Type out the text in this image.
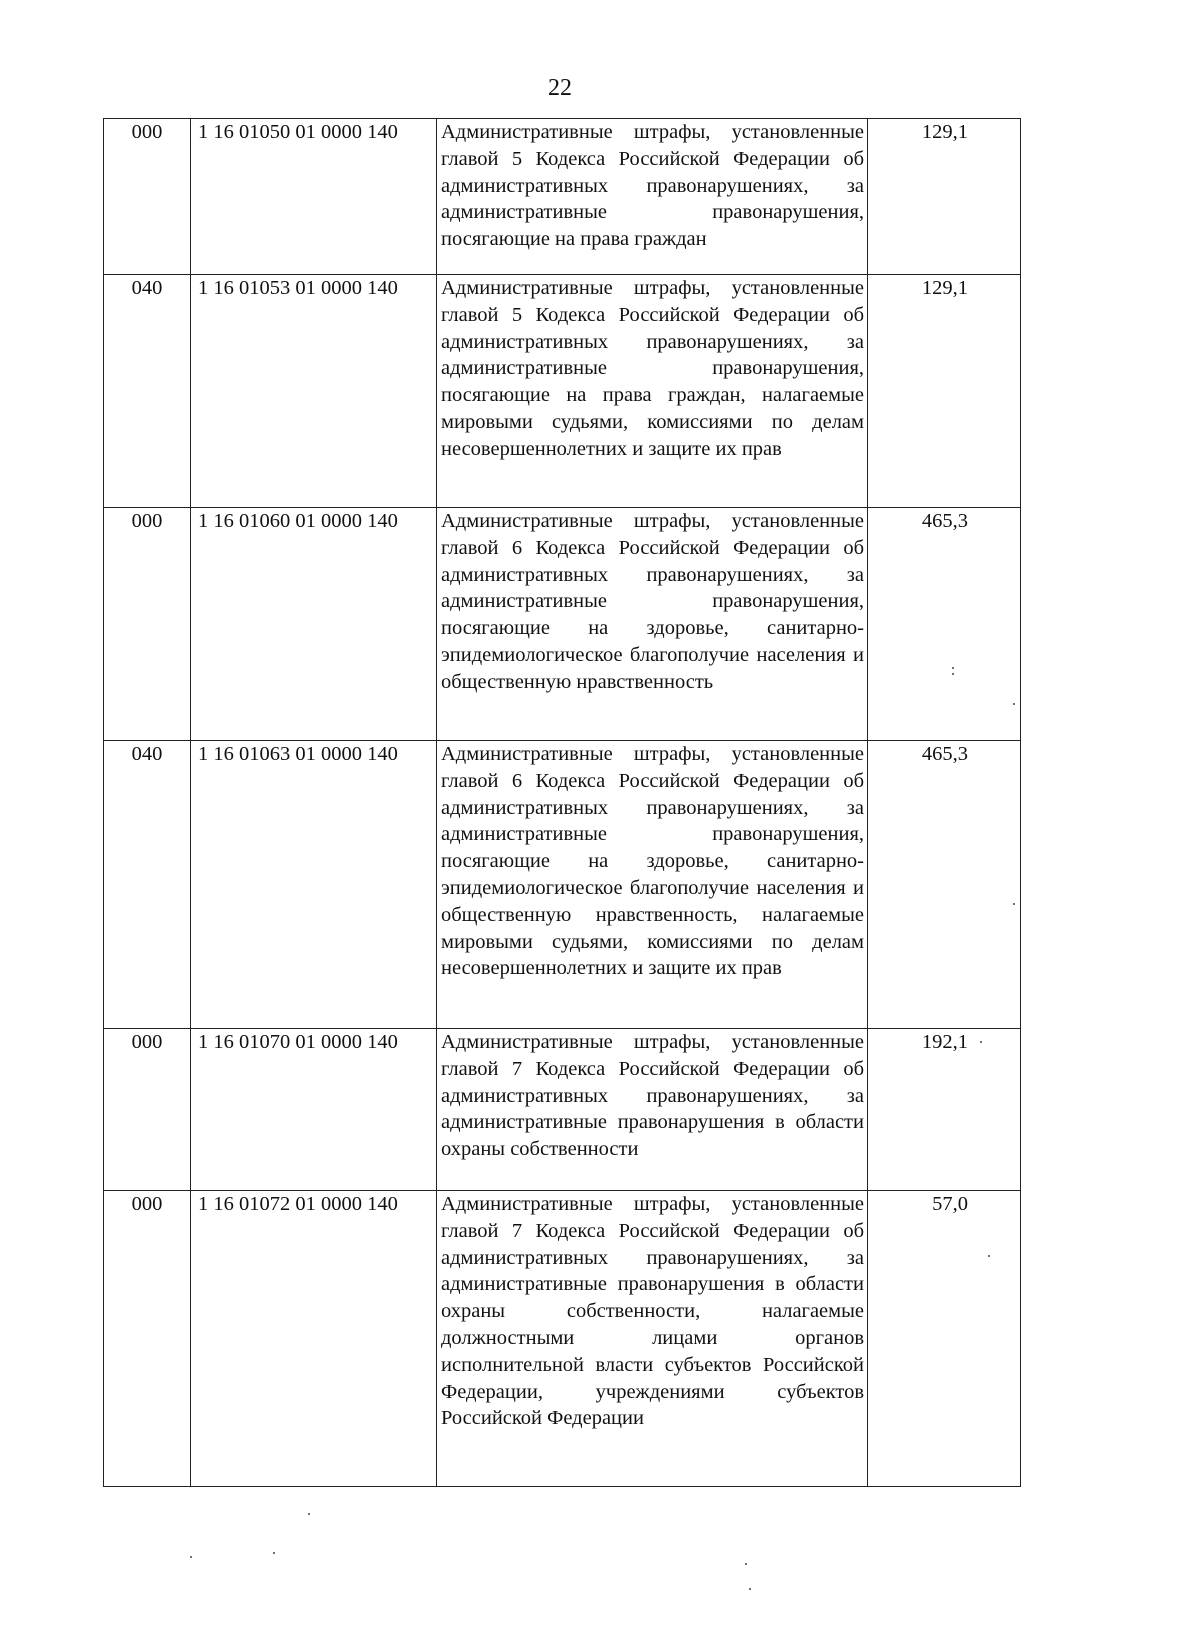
22
000	1 16 01050 01 0000 140	Административные штрафы, установленные главой 5 Кодекса Российской Федерации об административных правонарушениях, за административные правонарушения, посягающие на права граждан	129,1
040	1 16 01053 01 0000 140	Административные штрафы, установленные главой 5 Кодекса Российской Федерации об административных правонарушениях, за административные правонарушения, посягающие на права граждан, налагаемые мировыми судьями, комиссиями по делам несовершеннолетних и защите их прав	129,1
000	1 16 01060 01 0000 140	Административные штрафы, установленные главой 6 Кодекса Российской Федерации об административных правонарушениях, за административные правонарушения, посягающие на здоровье, санитарно-эпидемиологическое благополучие населения и общественную нравственность	465,3
040	1 16 01063 01 0000 140	Административные штрафы, установленные главой 6 Кодекса Российской Федерации об административных правонарушениях, за административные правонарушения, посягающие на здоровье, санитарно-эпидемиологическое благополучие населения и общественную нравственность, налагаемые мировыми судьями, комиссиями по делам несовершеннолетних и защите их прав	465,3
000	1 16 01070 01 0000 140	Административные штрафы, установленные главой 7 Кодекса Российской Федерации об административных правонарушениях, за административные правонарушения в области охраны собственности	192,1
000	1 16 01072 01 0000 140	Административные штрафы, установленные главой 7 Кодекса Российской Федерации об административных правонарушениях, за административные правонарушения в области охраны собственности, налагаемые должностными лицами органов исполнительной власти субъектов Российской Федерации, учреждениями субъектов Российской Федерации	57,0
